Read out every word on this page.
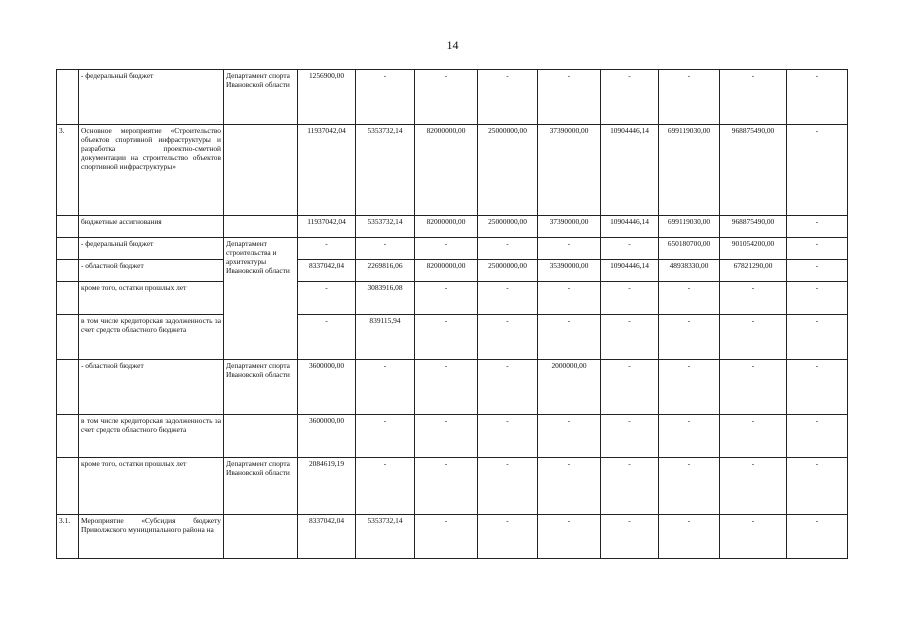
14
	- федеральный бюджет	Департамент спорта Ивановской области	1256900,00	-	-	-	-	-	-	-	-
3.	Основное мероприятие «Строительство объектов спортивной инфраструктуры и разработка проектно-сметной документации на строительство объектов спортивной инфраструктуры»		11937042,04	5353732,14	82000000,00	25000000,00	37390000,00	10904446,14	699119030,00	968875490,00	-
	бюджетные ассигнования		11937042,04	5353732,14	82000000,00	25000000,00	37390000,00	10904446,14	699119030,00	968875490,00	-
	- федеральный бюджет	Департамент строительства и архитектуры Ивановской области	-	-	-	-	-	-	650180700,00	901054200,00	-
	- областной бюджет		8337042,04	2269816,06	82000000,00	25000000,00	35390000,00	10904446,14	48938330,00	67821290,00	-
	кроме того, остатки прошлых лет		-	3083916,08	-	-	-	-	-	-	-
	в том числе кредиторская задолженность за счет средств областного бюджета		-	839115,94	-	-	-	-	-	-	-
	- областной бюджет	Департамент спорта Ивановской области	3600000,00	-	-	-	2000000,00	-	-	-	-
	в том числе кредиторская задолженность за счет средств областного бюджета		3600000,00	-	-	-	-	-	-	-	-
	кроме того, остатки прошлых лет	Департамент спорта Ивановской области	2084619,19	-	-	-	-	-	-	-	-
3.1.	Мероприятие «Субсидия бюджету Приволжского муниципального района на		8337042,04	5353732,14	-	-	-	-	-	-	-
